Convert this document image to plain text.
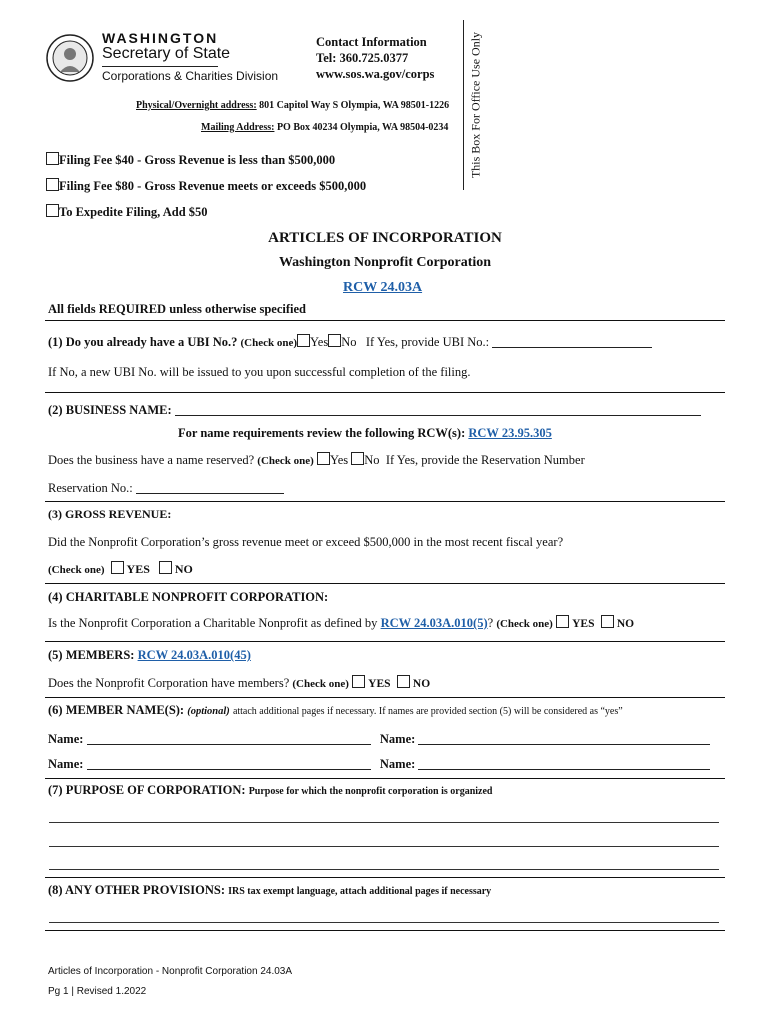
WASHINGTON
Secretary of State
Corporations & Charities Division
Contact Information
Tel: 360.725.0377
www.sos.wa.gov/corps
Physical/Overnight address: 801 Capitol Way S Olympia, WA 98501-1226
Mailing Address: PO Box 40234 Olympia, WA 98504-0234 This Box For Office Use Only
Filing Fee $40 - Gross Revenue is less than $500,000
Filing Fee $80 - Gross Revenue meets or exceeds $500,000
To Expedite Filing, Add $50
ARTICLES OF INCORPORATION
Washington Nonprofit Corporation
RCW 24.03A
All fields REQUIRED unless otherwise specified
(1) Do you already have a UBI No.? (Check one) Yes No If Yes, provide UBI No.:
If No, a new UBI No. will be issued to you upon successful completion of the filing.
(2) BUSINESS NAME:
For name requirements review the following RCW(s): RCW 23.95.305
Does the business have a name reserved? (Check one) Yes No If Yes, provide the Reservation Number
Reservation No.:
(3) GROSS REVENUE:
Did the Nonprofit Corporation’s gross revenue meet or exceed $500,000 in the most recent fiscal year?
(Check one) YES NO
(4) CHARITABLE NONPROFIT CORPORATION:
Is the Nonprofit Corporation a Charitable Nonprofit as defined by RCW 24.03A.010(5)? (Check one) YES NO
(5) MEMBERS: RCW 24.03A.010(45)
Does the Nonprofit Corporation have members? (Check one) YES NO
(6) MEMBER NAME(S): (optional) attach additional pages if necessary. If names are provided section (5) will be considered as “yes”
Name:	Name:
Name:	Name:
(7) PURPOSE OF CORPORATION: Purpose for which the nonprofit corporation is organized
(8) ANY OTHER PROVISIONS: IRS tax exempt language, attach additional pages if necessary
Articles of Incorporation - Nonprofit Corporation 24.03A
Pg 1 | Revised 1.2022
